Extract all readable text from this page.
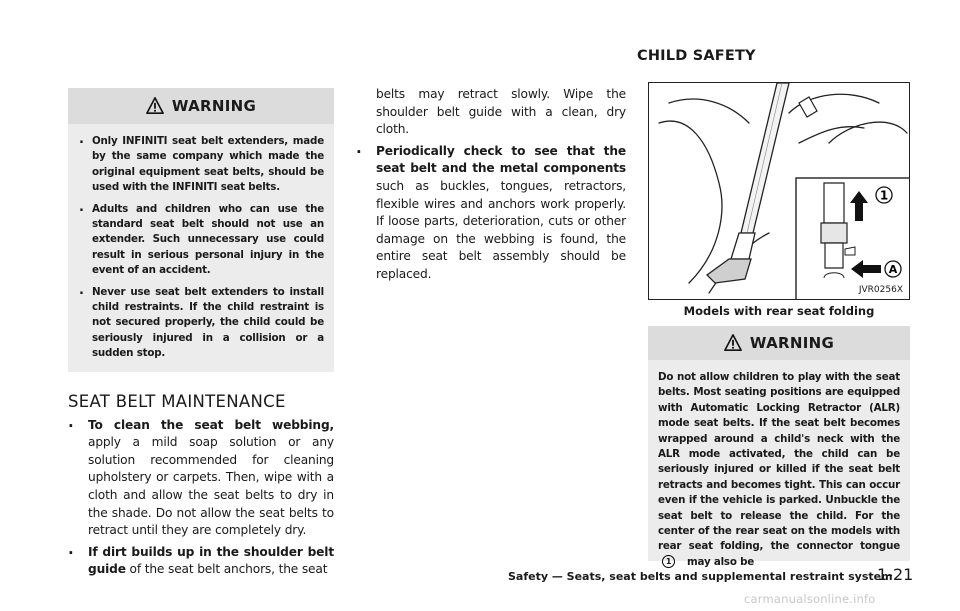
CHILD SAFETY
WARNING
. Only INFINITI seat belt extenders, made by the same company which made the original equipment seat belts, should be used with the INFINITI seat belts.
. Adults and children who can use the standard seat belt should not use an extender. Such unnecessary use could result in serious personal injury in the event of an accident.
. Never use seat belt extenders to install child restraints. If the child restraint is not secured properly, the child could be seriously injured in a collision or a sudden stop.
SEAT BELT MAINTENANCE
. To clean the seat belt webbing, apply a mild soap solution or any solution recommended for cleaning upholstery or carpets. Then, wipe with a cloth and allow the seat belts to dry in the shade. Do not allow the seat belts to retract until they are completely dry.
. If dirt builds up in the shoulder belt guide of the seat belt anchors, the seat
belts may retract slowly. Wipe the shoulder belt guide with a clean, dry cloth.
. Periodically check to see that the seat belt and the metal components such as buckles, tongues, retractors, flexible wires and anchors work properly. If loose parts, deterioration, cuts or other damage on the webbing is found, the entire seat belt assembly should be replaced.
1
A
JVR0256X
Models with rear seat folding
WARNING

Do not allow children to play with the seat belts. Most seating positions are equipped with Automatic Locking Retractor (ALR) mode seat belts. If the seat belt becomes wrapped around a child's neck with the ALR mode activated, the child can be seriously injured or killed if the seat belt retracts and becomes tight. This can occur even if the vehicle is parked. Unbuckle the seat belt to release the child. For the center of the rear seat on the models with rear seat folding, the connector tongue1 may also be

Safety — Seats, seat belts and supplemental restraint system
1-21
carmanualsonline.info
